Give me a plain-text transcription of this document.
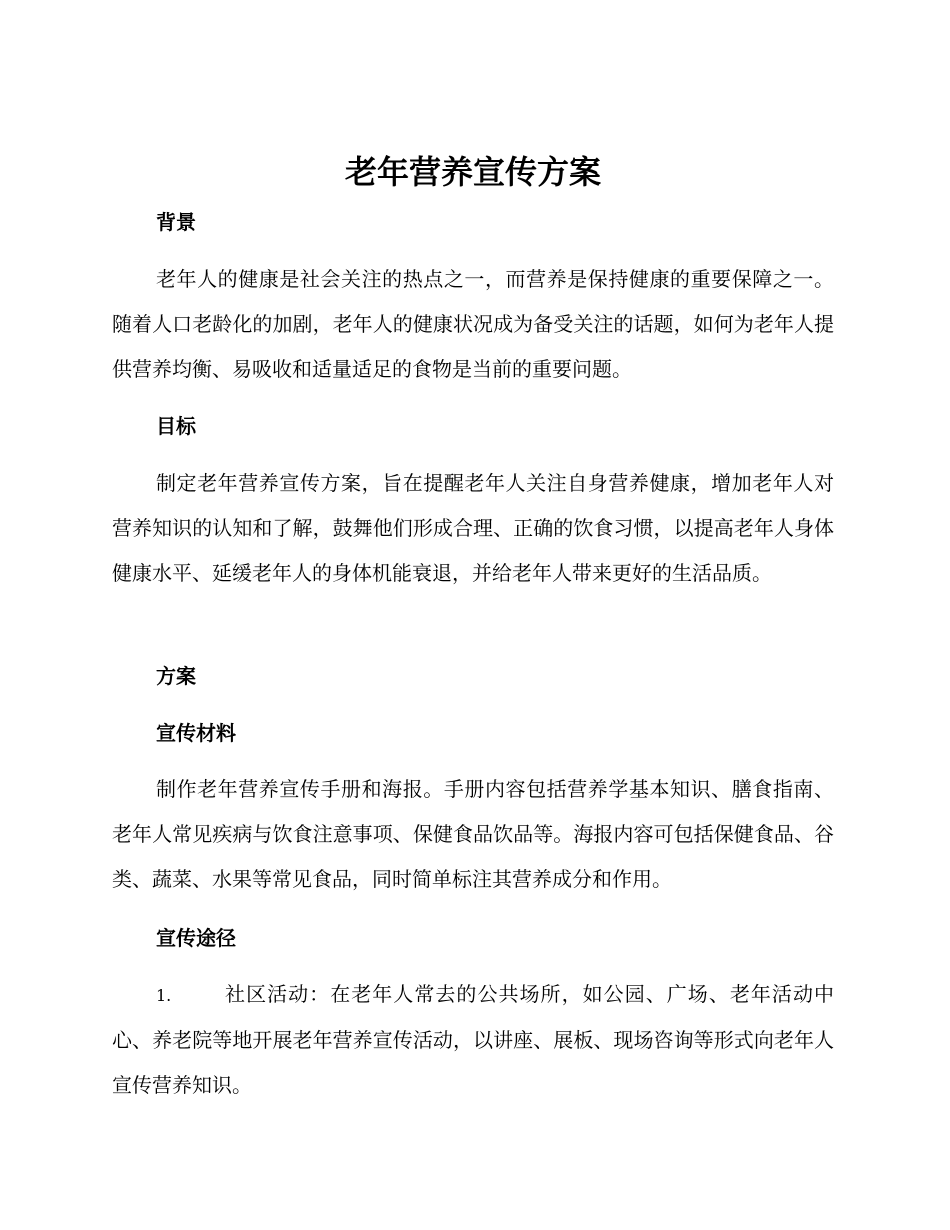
老年营养宣传方案
背景

老年人的健康是社会关注的热点之一，而营养是保持健康的重要保障之一。随着人口老龄化的加剧，老年人的健康状况成为备受关注的话题，如何为老年人提供营养均衡、易吸收和适量适足的食物是当前的重要问题。

目标

制定老年营养宣传方案，旨在提醒老年人关注自身营养健康，增加老年人对营养知识的认知和了解，鼓舞他们形成合理、正确的饮食习惯，以提高老年人身体健康水平、延缓老年人的身体机能衰退，并给老年人带来更好的生活品质。

方案
宣传材料

制作老年营养宣传手册和海报。手册内容包括营养学基本知识、膳食指南、老年人常见疾病与饮食注意事项、保健食品饮品等。海报内容可包括保健食品、谷类、蔬菜、水果等常见食品，同时简单标注其营养成分和作用。

宣传途径

1.	社区活动：在老年人常去的公共场所，如公园、广场、老年活动中心、养老院等地开展老年营养宣传活动，以讲座、展板、现场咨询等形式向老年人宣传营养知识。
